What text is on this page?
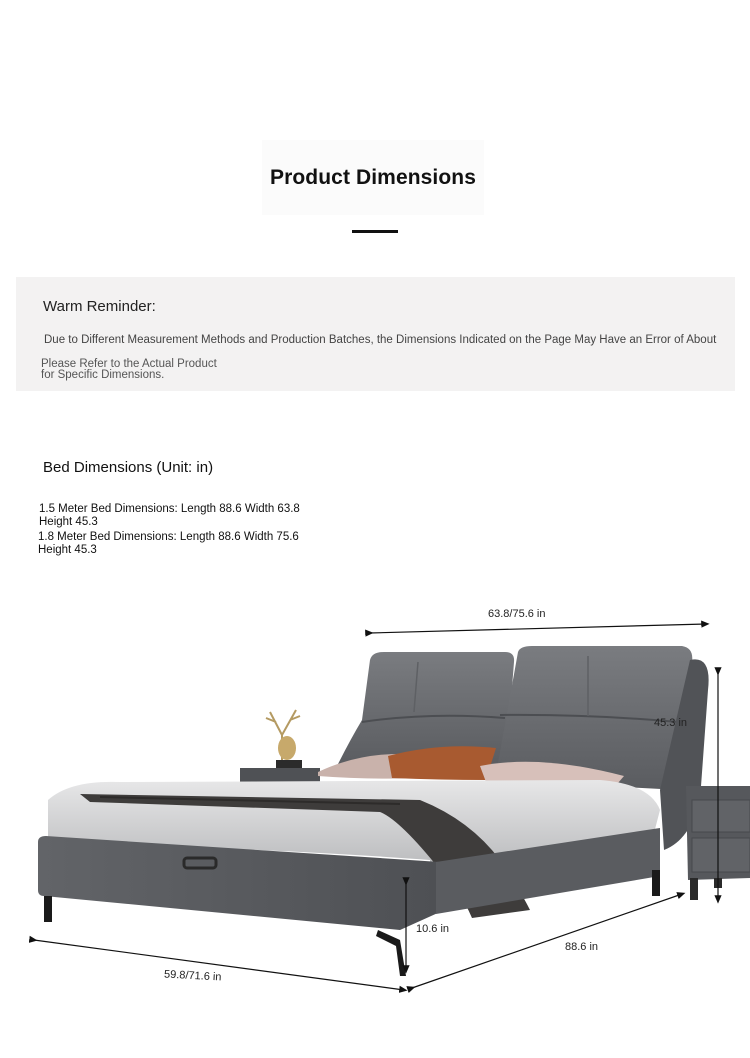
Product Dimensions
Warm Reminder:
Due to Different Measurement Methods and Production Batches, the Dimensions Indicated on the Page May Have an Error of About
Please Refer to the Actual Product for Specific Dimensions.
Bed Dimensions (Unit: in)
1.5 Meter Bed Dimensions: Length 88.6 Width 63.8 Height 45.3
1.8 Meter Bed Dimensions: Length 88.6 Width 75.6 Height 45.3
63.8/75.6 in
45.3 in
10.6 in
88.6 in
59.8/71.6 in
